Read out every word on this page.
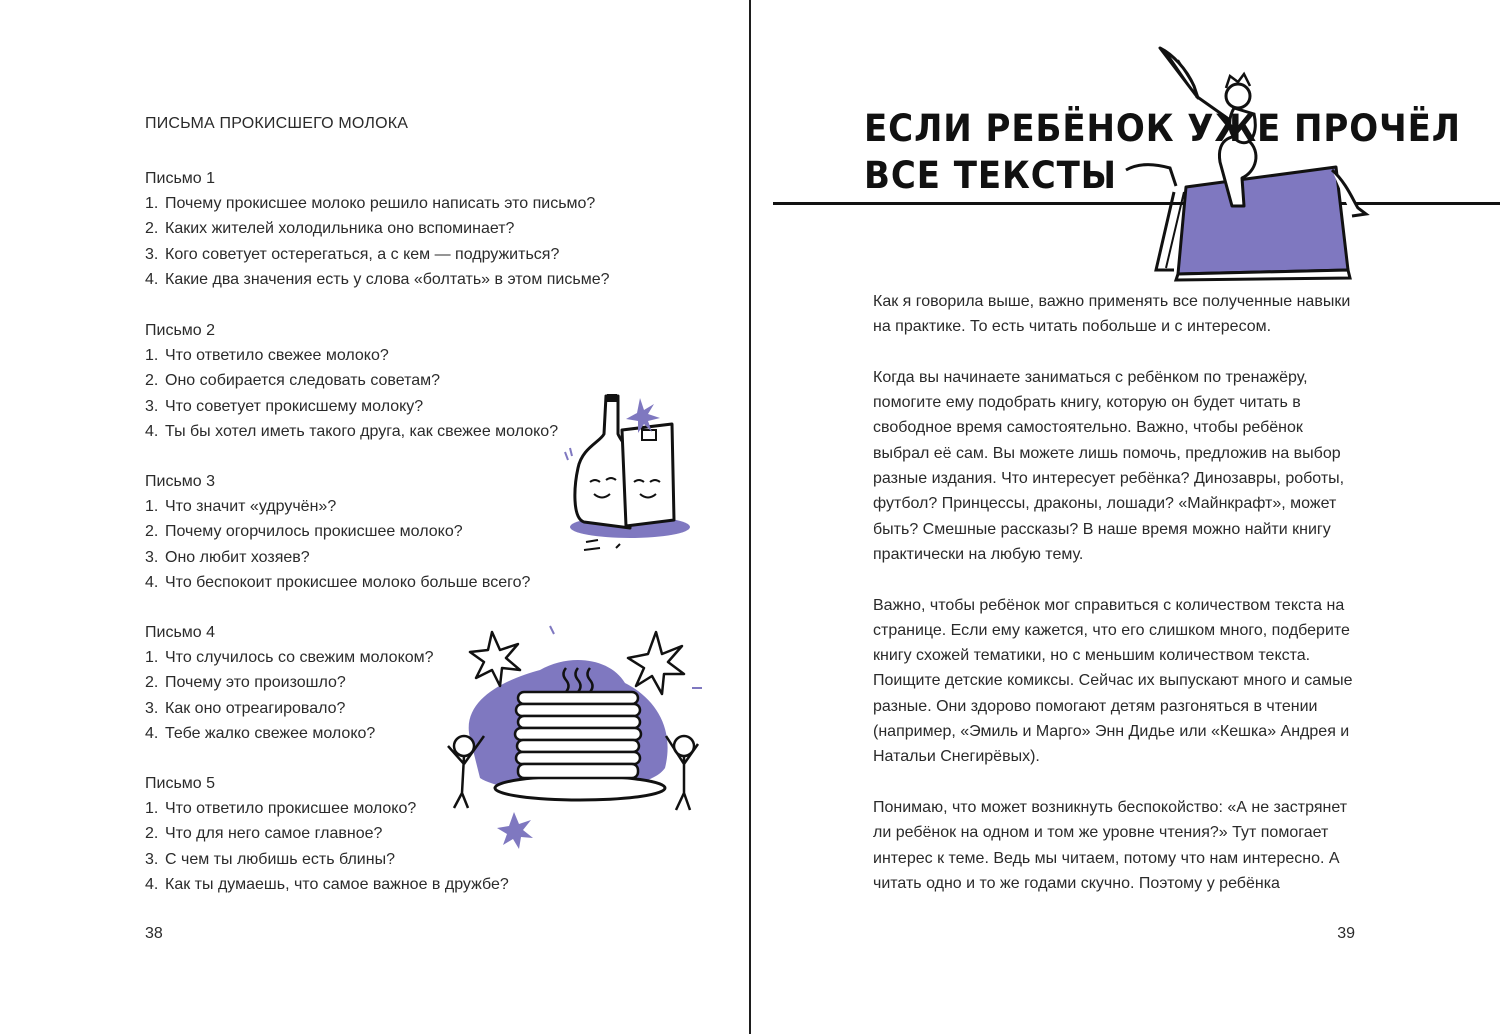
ПИСЬМА ПРОКИСШЕГО МОЛОКА
Письмо 1
1. Почему прокисшее молоко решило написать это письмо?
2. Каких жителей холодильника оно вспоминает?
3. Кого советует остерегаться, а с кем — подружиться?
4. Какие два значения есть у слова «болтать» в этом письме?
Письмо 2
1. Что ответило свежее молоко?
2. Оно собирается следовать советам?
3. Что советует прокисшему молоку?
4. Ты бы хотел иметь такого друга, как свежее молоко?
Письмо 3
1. Что значит «удручён»?
2. Почему огорчилось прокисшее молоко?
3. Оно любит хозяев?
4. Что беспокоит прокисшее молоко больше всего?
Письмо 4
1. Что случилось со свежим молоком?
2. Почему это произошло?
3. Как оно отреагировало?
4. Тебе жалко свежее молоко?
Письмо 5
1. Что ответило прокисшее молоко?
2. Что для него самое главное?
3. С чем ты любишь есть блины?
4. Как ты думаешь, что самое важное в дружбе?
38
ЕСЛИ РЕБЁНОК УЖЕ ПРОЧЁЛ
ВСЕ ТЕКСТЫ

Как я говорила выше, важно применять все полученные навыки на практике. То есть читать побольше и с интересом.

Когда вы начинаете заниматься с ребёнком по тренажёру, помогите ему подобрать книгу, которую он будет читать в свободное время самостоятельно. Важно, чтобы ребёнок выбрал её сам. Вы можете лишь помочь, предложив на выбор разные издания. Что интересует ребёнка? Динозавры, роботы, футбол? Принцессы, драконы, лошади? «Майнкрафт», может быть? Смешные рассказы? В наше время можно найти книгу практически на любую тему.

Важно, чтобы ребёнок мог справиться с количеством текста на странице. Если ему кажется, что его слишком много, подберите книгу схожей тематики, но с меньшим количеством текста. Поищите детские комиксы. Сейчас их выпускают много и самые разные. Они здорово помогают детям разгоняться в чтении (например, «Эмиль и Марго» Энн Дидье или «Кешка» Андрея и Натальи Снегирёвых).

Понимаю, что может возникнуть беспокойство: «А не застрянет ли ребёнок на одном и том же уровне чтения?» Тут помогает интерес к теме. Ведь мы читаем, потому что нам интересно. А читать одно и то же годами скучно. Поэтому у ребёнка

39
